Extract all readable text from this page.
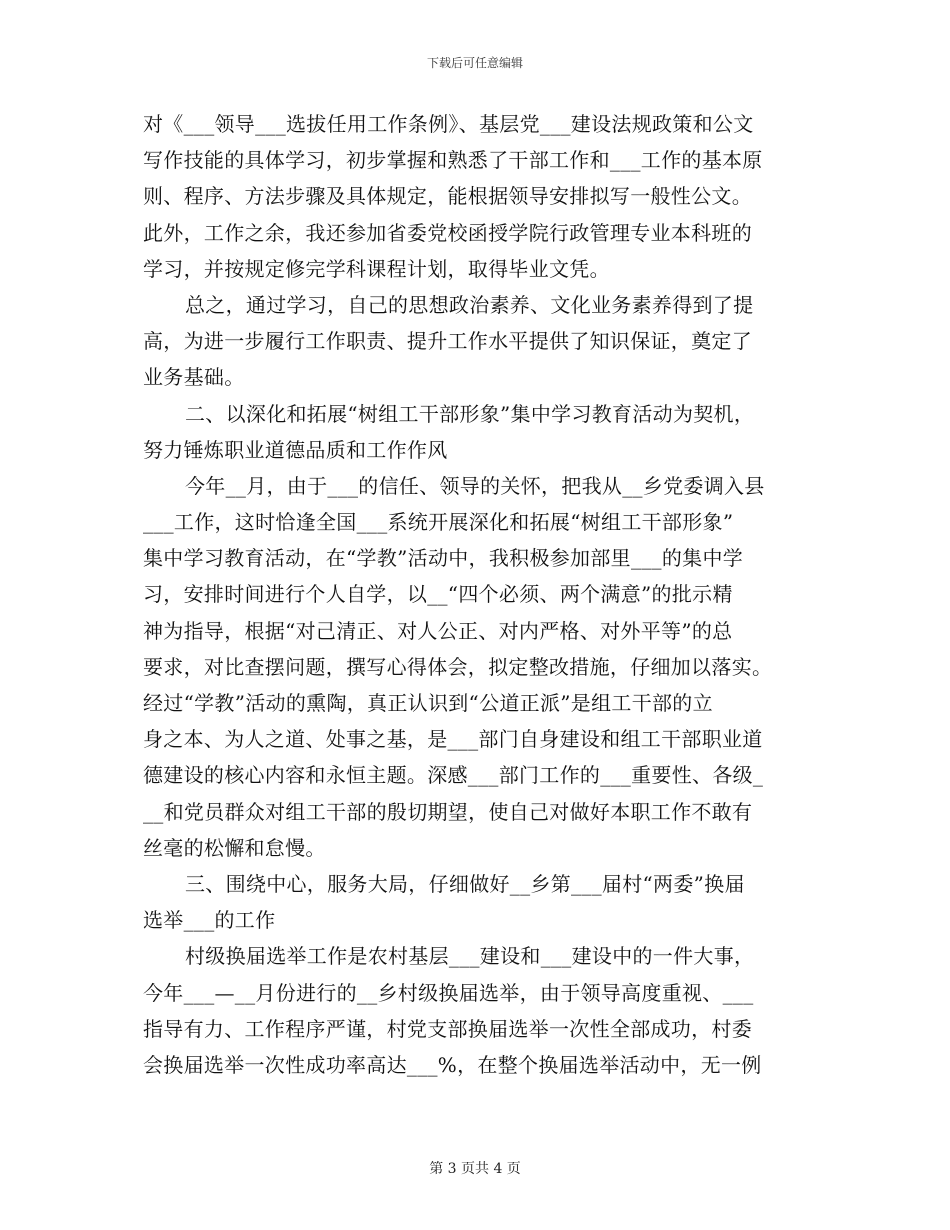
下载后可任意编辑
对《___领导___选拔任用工作条例》、基层党___建设法规政策和公文
写作技能的具体学习，初步掌握和熟悉了干部工作和___工作的基本原
则、程序、方法步骤及具体规定，能根据领导安排拟写一般性公文。
此外，工作之余，我还参加省委党校函授学院行政管理专业本科班的
学习，并按规定修完学科课程计划，取得毕业文凭。
总之，通过学习，自己的思想政治素养、文化业务素养得到了提
高，为进一步履行工作职责、提升工作水平提供了知识保证，奠定了
业务基础。
二、以深化和拓展“树组工干部形象”集中学习教育活动为契机，
努力锤炼职业道德品质和工作作风
今年__月，由于___的信任、领导的关怀，把我从__乡党委调入县
___工作，这时恰逢全国___系统开展深化和拓展“树组工干部形象”
集中学习教育活动，在“学教”活动中，我积极参加部里___的集中学
习，安排时间进行个人自学，以__“四个必须、两个满意”的批示精
神为指导，根据“对己清正、对人公正、对内严格、对外平等”的总
要求，对比查摆问题，撰写心得体会，拟定整改措施，仔细加以落实。
经过“学教”活动的熏陶，真正认识到“公道正派”是组工干部的立
身之本、为人之道、处事之基，是___部门自身建设和组工干部职业道
德建设的核心内容和永恒主题。深感___部门工作的___重要性、各级_
__和党员群众对组工干部的殷切期望，使自己对做好本职工作不敢有
丝毫的松懈和怠慢。
三、围绕中心，服务大局，仔细做好__乡第___届村“两委”换届
选举___的工作
村级换届选举工作是农村基层___建设和___建设中的一件大事，
今年___—__月份进行的__乡村级换届选举，由于领导高度重视、___
指导有力、工作程序严谨，村党支部换届选举一次性全部成功，村委
会换届选举一次性成功率高达___%，在整个换届选举活动中，无一例
第 3 页共 4 页
